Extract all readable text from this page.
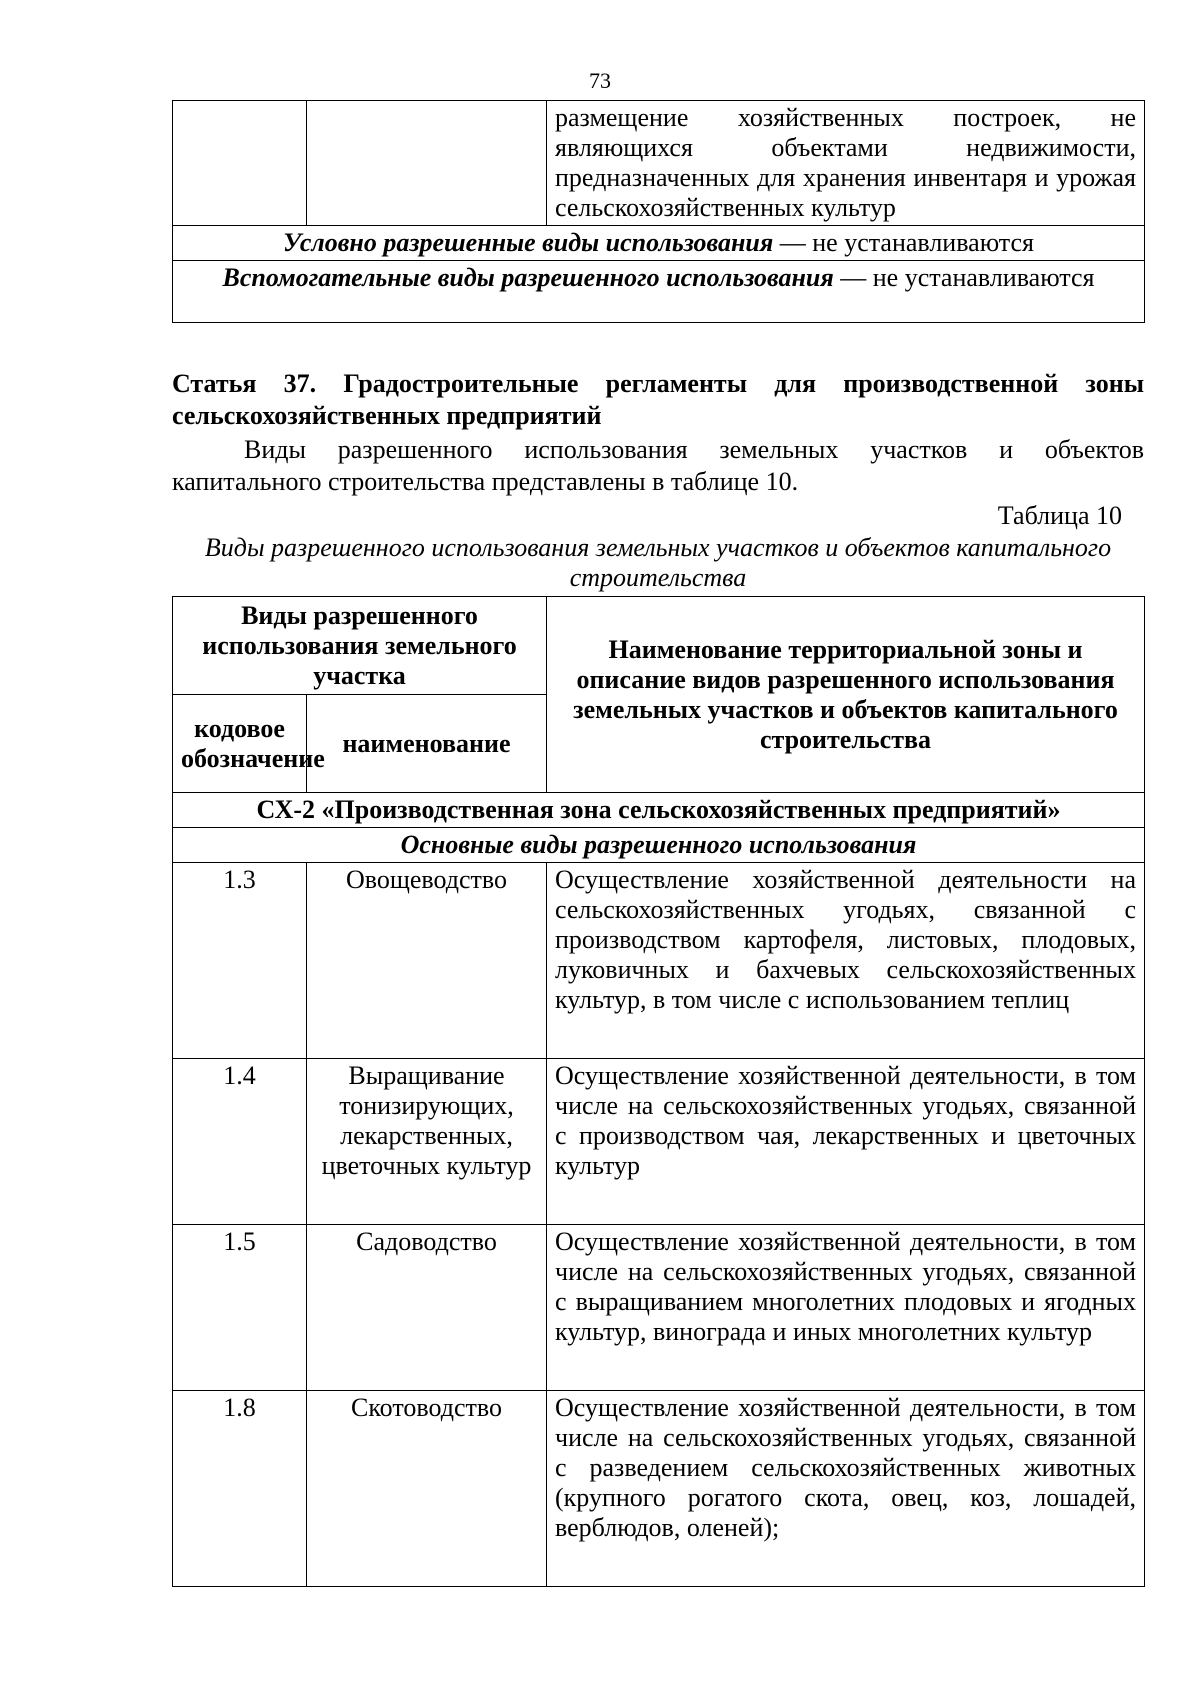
73
		размещение хозяйственных построек, не являющихся объектами недвижимости, предназначенных для хранения инвентаря и урожая сельскохозяйственных культур
Условно разрешенные виды использования — не устанавливаются
Вспомогательные виды разрешенного использования — не устанавливаются

Статья 37. Градостроительные регламенты для производственной зоны сельскохозяйственных предприятий

Виды разрешенного использования земельных участков и объектов капитального строительства представлены в таблице 10.

Таблица 10

Виды разрешенного использования земельных участков и объектов капитального строительства

Виды разрешенного использования земельного участка		Наименование территориальной зоны и описание видов разрешенного использования земельных участков и объектов капитального строительства
кодовое обозначение	наименование	
СХ-2 «Производственная зона сельскохозяйственных предприятий»		
Основные виды разрешенного использования		
1.3	Овощеводство	Осуществление хозяйственной деятельности на сельскохозяйственных угодьях, связанной с производством картофеля, листовых, плодовых, луковичных и бахчевых сельскохозяйственных культур, в том числе с использованием теплиц
1.4	Выращивание тонизирующих, лекарственных, цветочных культур	Осуществление хозяйственной деятельности, в том числе на сельскохозяйственных угодьях, связанной с производством чая, лекарственных и цветочных культур
1.5	Садоводство	Осуществление хозяйственной деятельности, в том числе на сельскохозяйственных угодьях, связанной с выращиванием многолетних плодовых и ягодных культур, винограда и иных многолетних культур
1.8	Скотоводство	Осуществление хозяйственной деятельности, в том числе на сельскохозяйственных угодьях, связанной с разведением сельскохозяйственных животных (крупного рогатого скота, овец, коз, лошадей, верблюдов, оленей);
